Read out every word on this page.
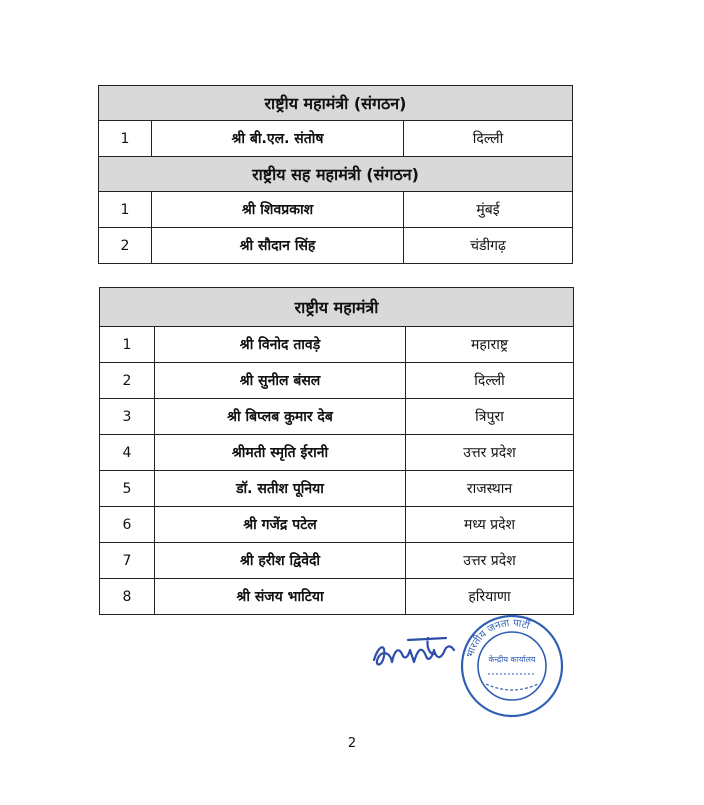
राष्ट्रीय महामंत्री (संगठन)		
1	श्री बी.एल. संतोष	दिल्ली
राष्ट्रीय सह महामंत्री (संगठन)		
1	श्री शिवप्रकाश	मुंबई
2	श्री सौदान सिंह	चंडीगढ़
राष्ट्रीय महामंत्री		
1	श्री विनोद तावड़े	महाराष्ट्र
2	श्री सुनील बंसल	दिल्ली
3	श्री बिप्लब कुमार देब	त्रिपुरा
4	श्रीमती स्मृति ईरानी	उत्तर प्रदेश
5	डॉ. सतीश पूनिया	राजस्थान
6	श्री गजेंद्र पटेल	मध्य प्रदेश
7	श्री हरीश द्विवेदी	उत्तर प्रदेश
8	श्री संजय भाटिया	हरियाणा
भारतीय जनता पार्टी
केन्द्रीय कार्यालय
2
